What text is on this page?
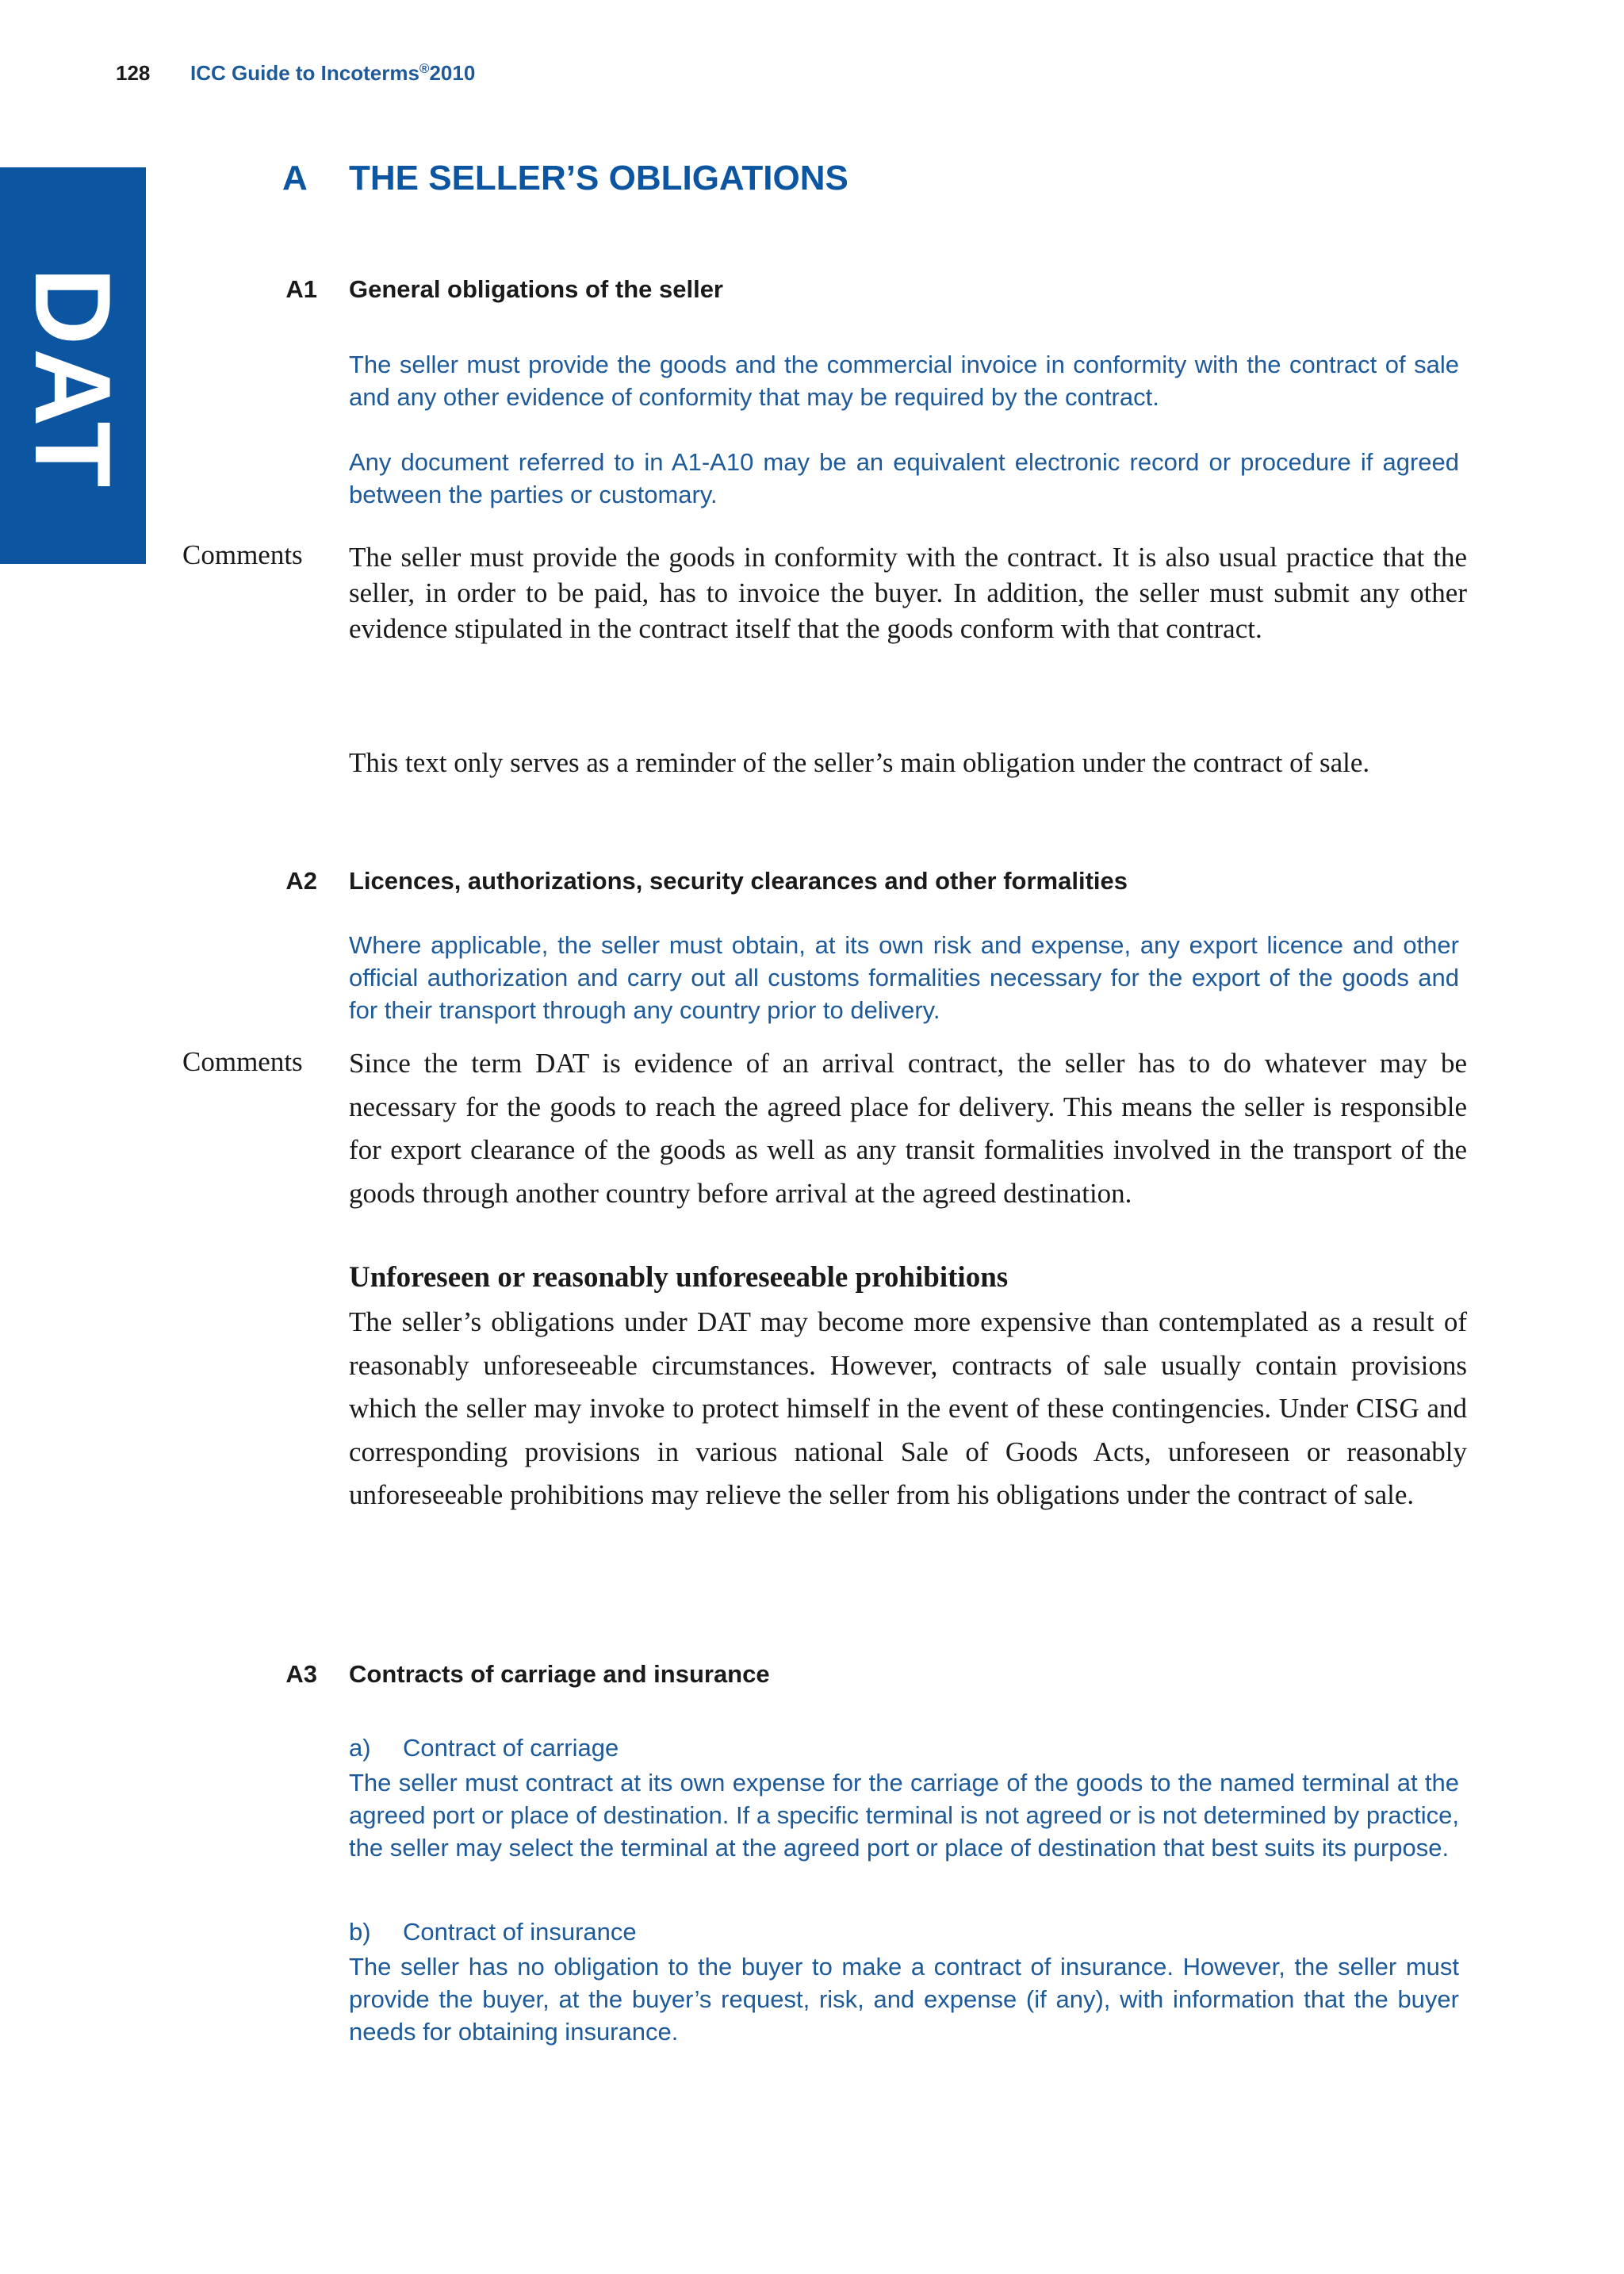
128 ICC Guide to Incoterms®2010
DAT
A THE SELLER’S OBLIGATIONS
A1 General obligations of the seller

The seller must provide the goods and the commercial invoice in conformity with the contract of sale and any other evidence of conformity that may be required by the contract.

Any document referred to in A1-A10 may be an equivalent electronic record or procedure if agreed between the parties or customary.

Comments	The seller must provide the goods in conformity with the contract. It is also usual practice that the seller, in order to be paid, has to invoice the buyer. In addition, the seller must submit any other evidence stipulated in the contract itself that the goods conform with that contract.

This text only serves as a reminder of the seller’s main obligation under the contract of sale.

A2 Licences, authorizations, security clearances and other formalities

Where applicable, the seller must obtain, at its own risk and expense, any export licence and other official authorization and carry out all customs formalities necessary for the export of the goods and for their transport through any country prior to delivery.

Comments	Since the term DAT is evidence of an arrival contract, the seller has to do whatever may be necessary for the goods to reach the agreed place for delivery. This means the seller is responsible for export clearance of the goods as well as any transit formalities involved in the transport of the goods through another country before arrival at the agreed destination.

Unforeseen or reasonably unforeseeable prohibitions

The seller’s obligations under DAT may become more expensive than contemplated as a result of reasonably unforeseeable circumstances. However, contracts of sale usually contain provisions which the seller may invoke to protect himself in the event of these contingencies. Under CISG and corresponding provisions in various national Sale of Goods Acts, unforeseen or reasonably unforeseeable prohibitions may relieve the seller from his obligations under the contract of sale.

A3 Contracts of carriage and insurance
a) Contract of carriage

The seller must contract at its own expense for the carriage of the goods to the named terminal at the agreed port or place of destination. If a specific terminal is not agreed or is not determined by practice, the seller may select the terminal at the agreed port or place of destination that best suits its purpose.

b) Contract of insurance

The seller has no obligation to the buyer to make a contract of insurance. However, the seller must provide the buyer, at the buyer’s request, risk, and expense (if any), with information that the buyer needs for obtaining insurance.
